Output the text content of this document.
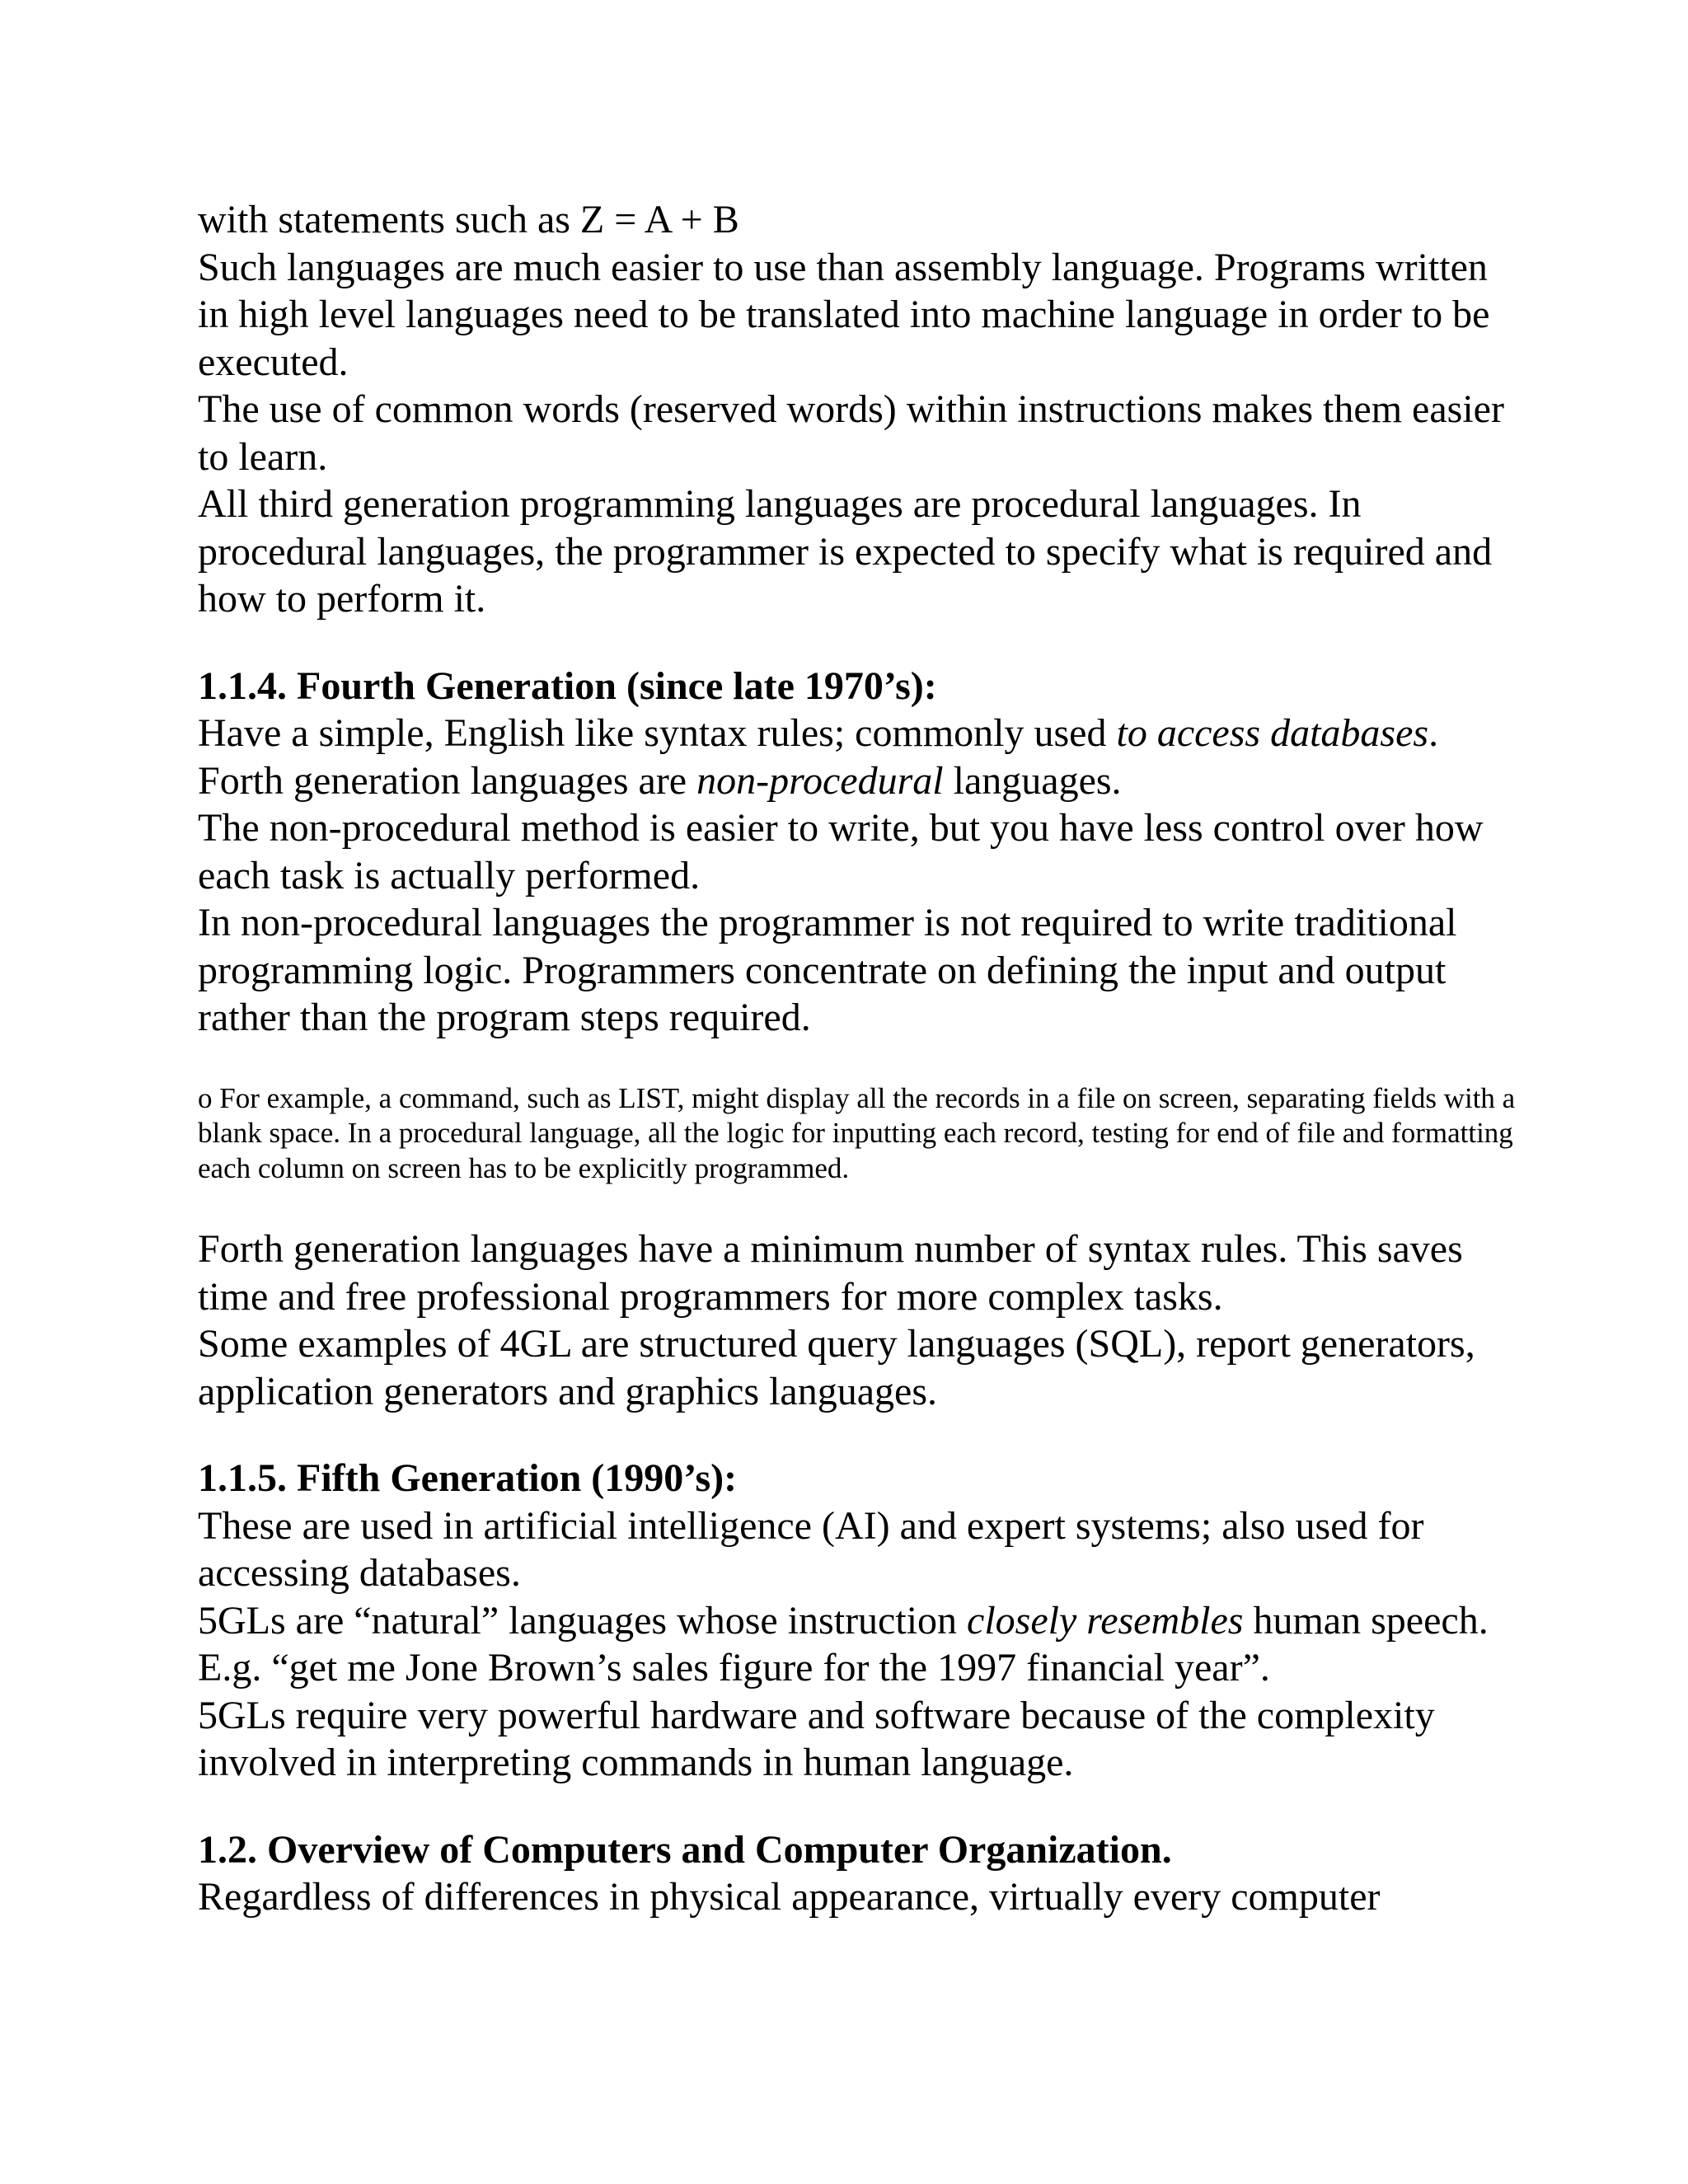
with statements such as Z = A + B

Such languages are much easier to use than assembly language. Programs written in high level languages need to be translated into machine language in order to be executed.

The use of common words (reserved words) within instructions makes them easier to learn.

All third generation programming languages are procedural languages. In procedural languages, the programmer is expected to specify what is required and how to perform it.

1.1.4. Fourth Generation (since late 1970’s):

Have a simple, English like syntax rules; commonly used to access databases.

Forth generation languages are non-procedural languages.

The non-procedural method is easier to write, but you have less control over how each task is actually performed.

In non-procedural languages the programmer is not required to write traditional programming logic. Programmers concentrate on defining the input and output rather than the program steps required.

o For example, a command, such as LIST, might display all the records in a file on screen, separating fields with a blank space. In a procedural language, all the logic for inputting each record, testing for end of file and formatting each column on screen has to be explicitly programmed.

Forth generation languages have a minimum number of syntax rules. This saves time and free professional programmers for more complex tasks.

Some examples of 4GL are structured query languages (SQL), report generators, application generators and graphics languages.

1.1.5. Fifth Generation (1990’s):

These are used in artificial intelligence (AI) and expert systems; also used for accessing databases.

5GLs are “natural” languages whose instruction closely resembles human speech. E.g. “get me Jone Brown’s sales figure for the 1997 financial year”.

5GLs require very powerful hardware and software because of the complexity involved in interpreting commands in human language.

1.2. Overview of Computers and Computer Organization.

Regardless of differences in physical appearance, virtually every computer
